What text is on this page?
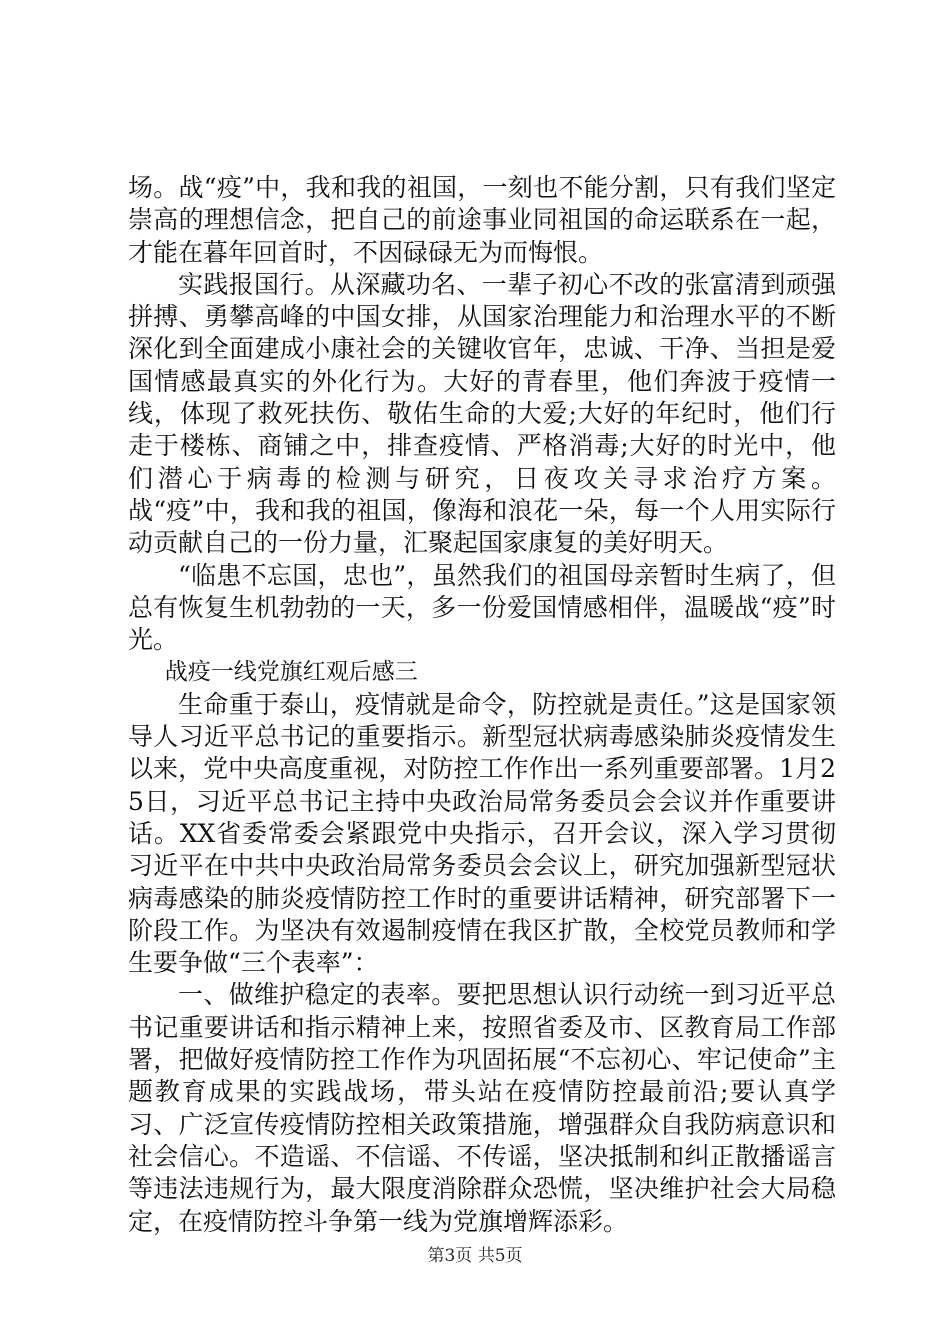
场。战“疫”中，我和我的祖国，一刻也不能分割，只有我们坚定崇高的理想信念，把自己的前途事业同祖国的命运联系在一起，才能在暮年回首时，不因碌碌无为而悔恨。

实践报国行。从深藏功名、一辈子初心不改的张富清到顽强拼搏、勇攀高峰的中国女排，从国家治理能力和治理水平的不断深化到全面建成小康社会的关键收官年，忠诚、干净、当担是爱国情感最真实的外化行为。大好的青春里，他们奔波于疫情一线，体现了救死扶伤、敬佑生命的大爱;大好的年纪时，他们行走于楼栋、商铺之中，排查疫情、严格消毒;大好的时光中，他们潜心于病毒的检测与研究，日夜攻关寻求治疗方案。战“疫”中，我和我的祖国，像海和浪花一朵，每一个人用实际行动贡献自己的一份力量，汇聚起国家康复的美好明天。

“临患不忘国，忠也”，虽然我们的祖国母亲暂时生病了，但总有恢复生机勃勃的一天，多一份爱国情感相伴，温暖战“疫”时光。

战疫一线党旗红观后感三

生命重于泰山，疫情就是命令，防控就是责任。”这是国家领导人习近平总书记的重要指示。新型冠状病毒感染肺炎疫情发生以来，党中央高度重视，对防控工作作出一系列重要部署。1月25日，习近平总书记主持中央政治局常务委员会会议并作重要讲话。XX省委常委会紧跟党中央指示，召开会议，深入学习贯彻习近平在中共中央政治局常务委员会会议上，研究加强新型冠状病毒感染的肺炎疫情防控工作时的重要讲话精神，研究部署下一阶段工作。为坚决有效遏制疫情在我区扩散，全校党员教师和学生要争做“三个表率”：

一、做维护稳定的表率。要把思想认识行动统一到习近平总书记重要讲话和指示精神上来，按照省委及市、区教育局工作部署，把做好疫情防控工作作为巩固拓展“不忘初心、牢记使命”主题教育成果的实践战场，带头站在疫情防控最前沿;要认真学习、广泛宣传疫情防控相关政策措施，增强群众自我防病意识和社会信心。不造谣、不信谣、不传谣，坚决抵制和纠正散播谣言等违法违规行为，最大限度消除群众恐慌，坚决维护社会大局稳定，在疫情防控斗争第一线为党旗增辉添彩。

第3页 共5页
